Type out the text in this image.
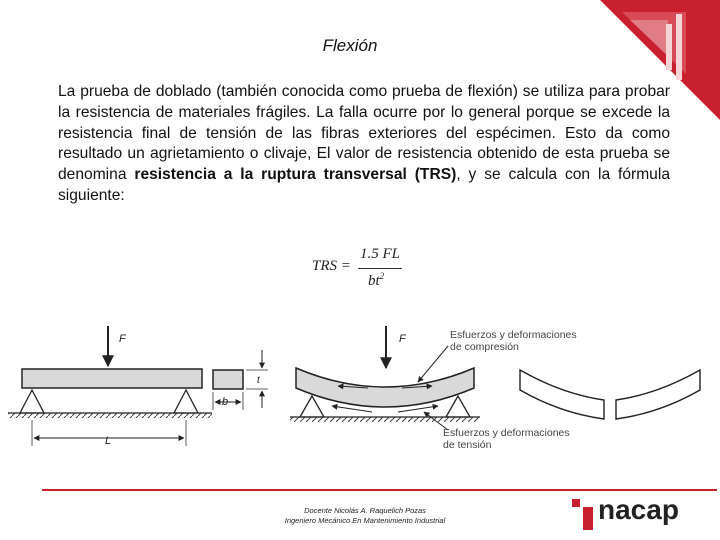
Flexión
La prueba de doblado (también conocida como prueba de flexión) se utiliza para probar la resistencia de materiales frágiles. La falla ocurre por lo general porque se excede la resistencia final de tensión de las fibras exteriores del espécimen. Esto da como resultado un agrietamiento o clivaje, El valor de resistencia obtenido de esta prueba se denomina resistencia a la ruptura transversal (TRS), y se calcula con la fórmula siguiente:
TRS =
1.5 FL
$bt^2$
F
L
b
t
F	Esfuerzos y deformaciones
de compresión
Esfuerzos y deformaciones
de tensión
Docente Nicolás A. Raquelich Pozas
Ingeniero Mecánico En Mantenimiento Industrial	nacap
